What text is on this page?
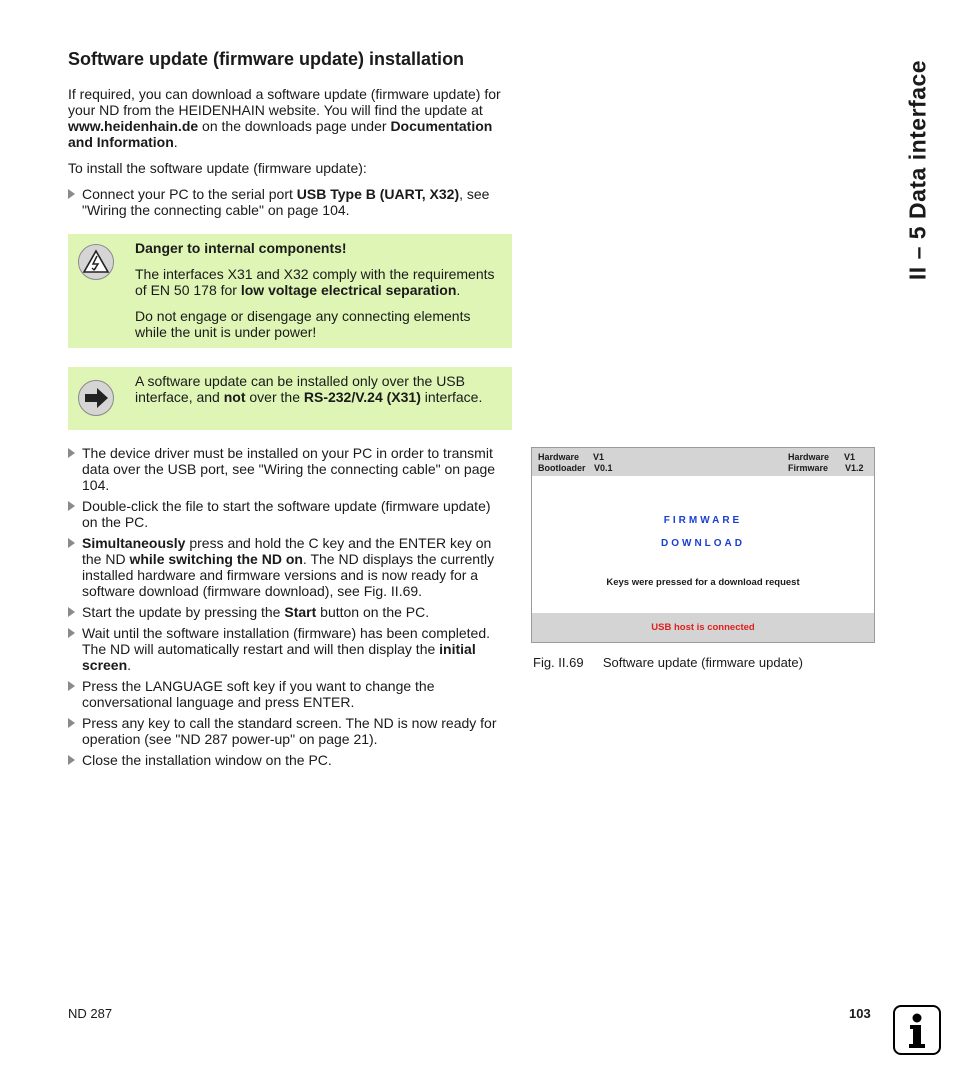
Software update (firmware update) installation
II – 5 Data interface
If required, you can download a software update (firmware update) for
your ND from the HEIDENHAIN website. You will find the update at
www.heidenhain.de on the downloads page under Documentation
and Information.
To install the software update (firmware update):
Connect your PC to the serial port USB Type B (UART, X32), see
"Wiring the connecting cable" on page 104.
Danger to internal components!
The interfaces X31 and X32 comply with the requirements
of EN 50 178 for low voltage electrical separation.
Do not engage or disengage any connecting elements
while the unit is under power!
A software update can be installed only over the USB
interface, and not over the RS-232/V.24 (X31) interface.
The device driver must be installed on your PC in order to transmit
data over the USB port, see "Wiring the connecting cable" on page
104.
Double-click the file to start the software update (firmware update)
on the PC.
Simultaneously press and hold the C key and the ENTER key on
the ND while switching the ND on. The ND displays the currently
installed hardware and firmware versions and is now ready for a
software download (firmware download), see Fig. II.69.
Start the update by pressing the Start button on the PC.
Wait until the software installation (firmware) has been completed.
The ND will automatically restart and will then display the initial
screen.
Press the LANGUAGE soft key if you want to change the
conversational language and press ENTER.
Press any key to call the standard screen. The ND is now ready for
operation (see "ND 287 power-up" on page 21).
Close the installation window on the PC.
Hardware V1
Bootloader V0.1
Hardware V1
Firmware V1.2
FIRMWARE
DOWNLOAD
Keys were pressed for a download request
USB host is connected
Fig. II.69 Software update (firmware update)
ND 287	103
